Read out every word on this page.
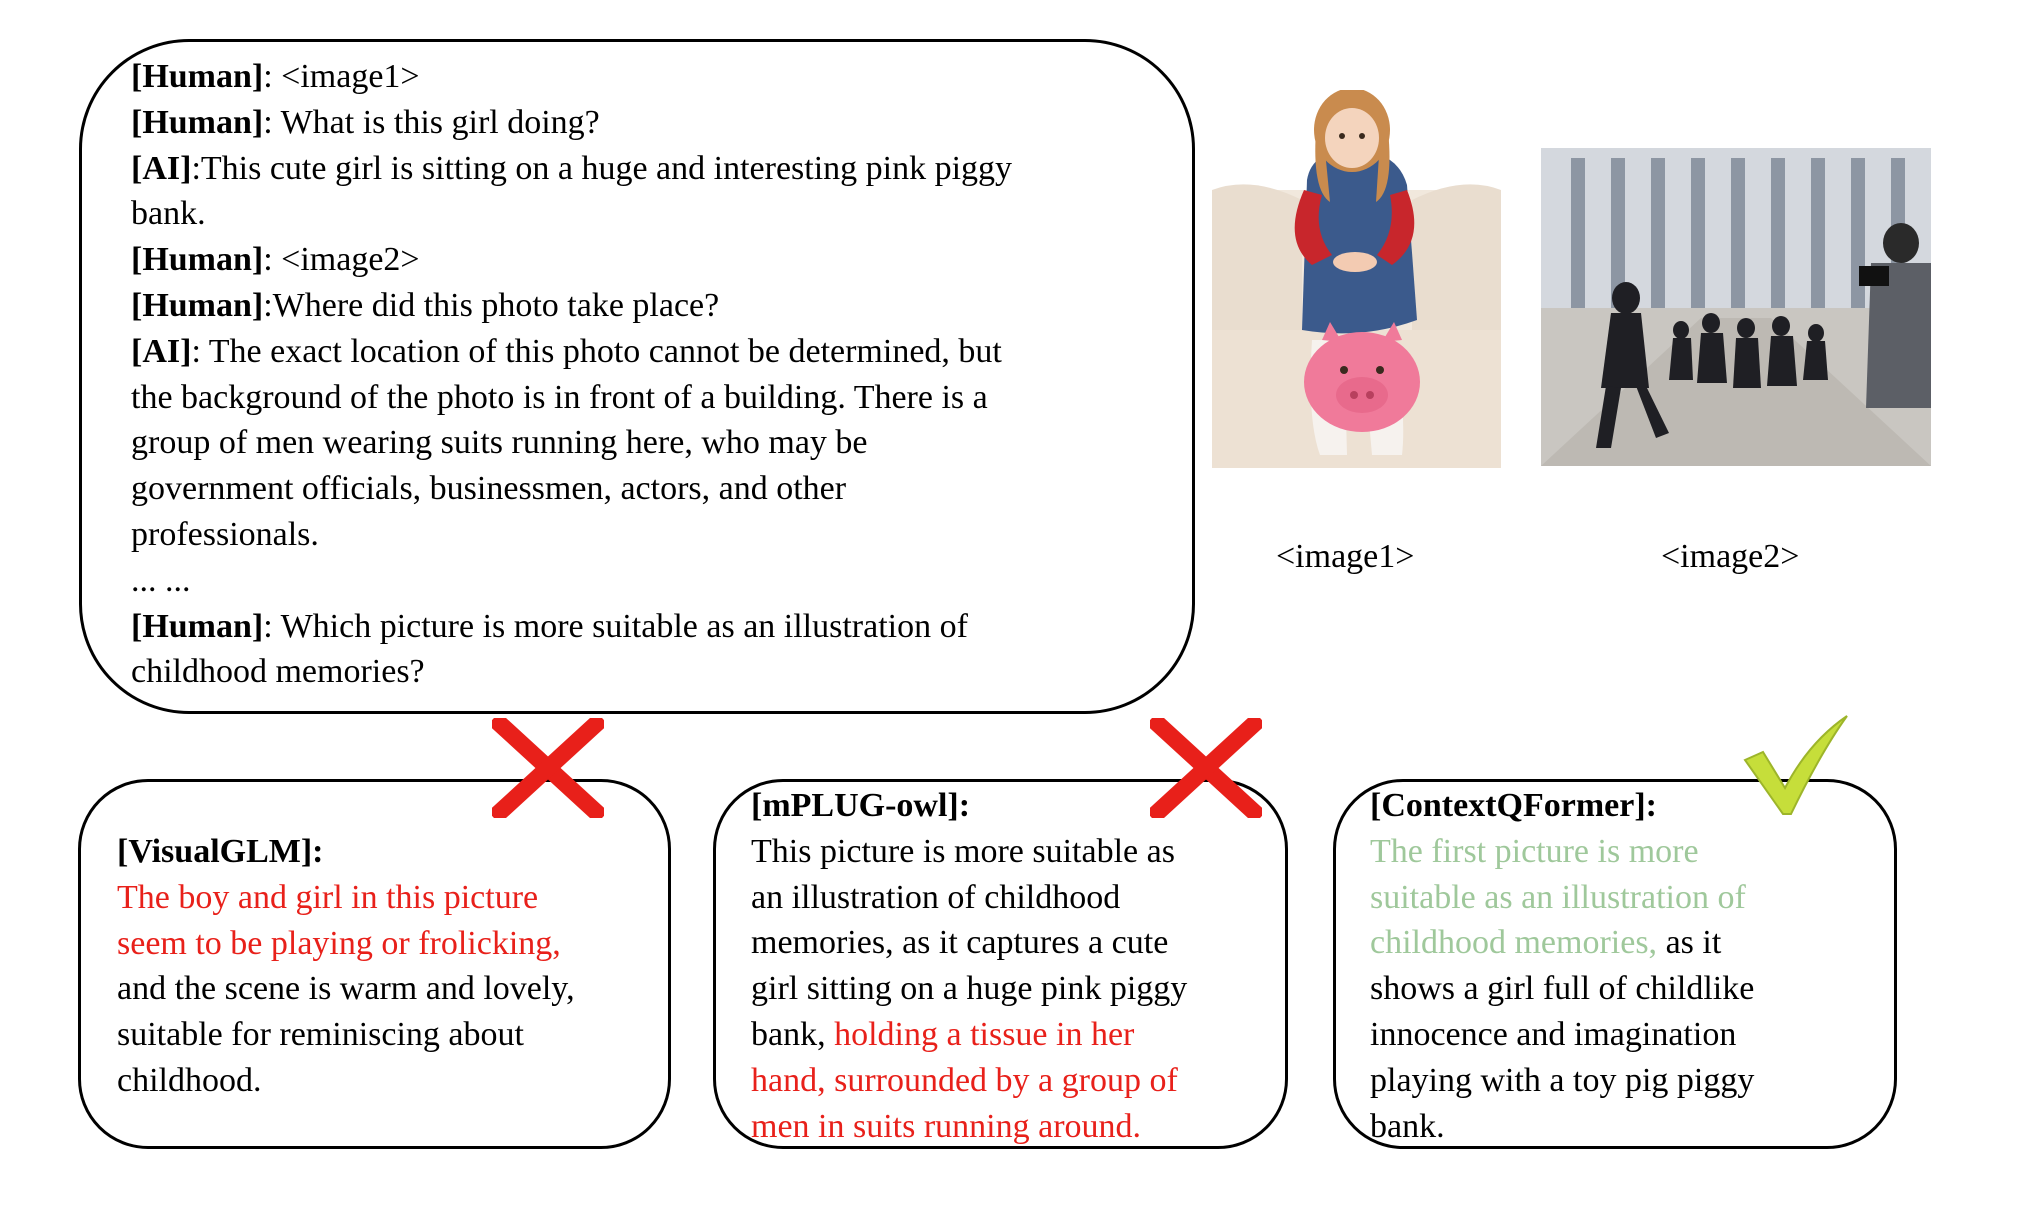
[Human]: <image1>
[Human]: What is this girl doing?
[AI]:This cute girl is sitting on a huge and interesting pink piggy
bank.
[Human]: <image2>
[Human]:Where did this photo take place?
[AI]: The exact location of this photo cannot be determined, but
the background of the photo is in front of a building. There is a
group of men wearing suits running here, who may be
government officials, businessmen, actors, and other
professionals.
... ...
[Human]: Which picture is more suitable as an illustration of
childhood memories?
<image1>	<image2>
[VisualGLM]:
The boy and girl in this picture
seem to be playing or frolicking,
and the scene is warm and lovely,
suitable for reminiscing about
childhood.
[mPLUG-owl]:
This picture is more suitable as
an illustration of childhood
memories, as it captures a cute
girl sitting on a huge pink piggy
bank, holding a tissue in her
hand, surrounded by a group of
men in suits running around.
[ContextQFormer]:
The first picture is more
suitable as an illustration of
childhood memories, as it
shows a girl full of childlike
innocence and imagination
playing with a toy pig piggy
bank.
